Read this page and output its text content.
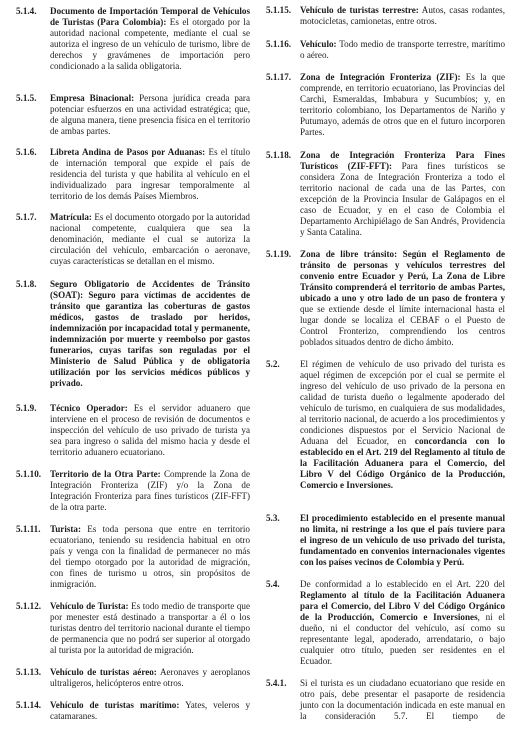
5.1.4. Documento de Importación Temporal de Vehículos de Turistas (Para Colombia): Es el otorgado por la autoridad nacional competente, mediante el cual se autoriza el ingreso de un vehículo de turismo, libre de derechos y gravámenes de importación pero condicionado a la salida obligatoria.

5.1.5. Empresa Binacional: Persona jurídica creada para potenciar esfuerzos en una actividad estratégica; que, de alguna manera, tiene presencia física en el territorio de ambas partes.

5.1.6. Libreta Andina de Pasos por Aduanas: Es el título de internación temporal que expide el país de residencia del turista y que habilita al vehículo en el individualizado para ingresar temporalmente al territorio de los demás Países Miembros.

5.1.7. Matrícula: Es el documento otorgado por la autoridad nacional competente, cualquiera que sea la denominación, mediante el cual se autoriza la circulación del vehículo, embarcación o aeronave, cuyas características se detallan en el mismo.

5.1.8. Seguro Obligatorio de Accidentes de Tránsito (SOAT): Seguro para víctimas de accidentes de tránsito que garantiza las coberturas de gastos médicos, gastos de traslado por heridos, indemnización por incapacidad total y permanente, indemnización por muerte y reembolso por gastos funerarios, cuyas tarifas son reguladas por el Ministerio de Salud Pública y de obligatoria utilización por los servicios médicos públicos y privado.

5.1.9. Técnico Operador: Es el servidor aduanero que interviene en el proceso de revisión de documentos e inspección del vehículo de uso privado de turista ya sea para ingreso o salida del mismo hacia y desde el territorio aduanero ecuatoriano.

5.1.10. Territorio de la Otra Parte: Comprende la Zona de Integración Fronteriza (ZIF) y/o la Zona de Integración Fronteriza para fines turísticos (ZIF-FFT) de la otra parte.

5.1.11. Turista: Es toda persona que entre en territorio ecuatoriano, teniendo su residencia habitual en otro país y venga con la finalidad de permanecer no más del tiempo otorgado por la autoridad de migración, con fines de turismo u otros, sin propósitos de inmigración.

5.1.12. Vehículo de Turista: Es todo medio de transporte que por menester está destinado a transportar a él o los turistas dentro del territorio nacional durante el tiempo de permanencia que no podrá ser superior al otorgado al turista por la autoridad de migración.

5.1.13. Vehículo de turistas aéreo: Aeronaves y aeroplanos ultraligeros, helicópteros entre otros.

5.1.14. Vehículo de turistas marítimo: Yates, veleros y catamaranes.

5.1.15. Vehículo de turistas terrestre: Autos, casas rodantes, motocicletas, camionetas, entre otros.

5.1.16. Vehículo: Todo medio de transporte terrestre, marítimo o aéreo.

5.1.17. Zona de Integración Fronteriza (ZIF): Es la que comprende, en territorio ecuatoriano, las Provincias del Carchi, Esmeraldas, Imbabura y Sucumbíos; y, en territorio colombiano, los Departamentos de Nariño y Putumayo, además de otros que en el futuro incorporen Partes.

5.1.18. Zona de Integración Fronteriza Para Fines Turísticos (ZIF-FFT): Para fines turísticos se considera Zona de Integración Fronteriza a todo el territorio nacional de cada una de las Partes, con excepción de la Provincia Insular de Galápagos en el caso de Ecuador, y en el caso de Colombia el Departamento Archipiélago de San Andrés, Providencia y Santa Catalina.

5.1.19. Zona de libre tránsito: Según el Reglamento de tránsito de personas y vehículos terrestres del convenio entre Ecuador y Perú, La Zona de Libre Tránsito comprenderá el territorio de ambas Partes, ubicado a uno y otro lado de un paso de frontera y que se extiende desde el límite internacional hasta el lugar donde se localiza el CEBAF o el Puesto de Control Fronterizo, comprendiendo los centros poblados situados dentro de dicho ámbito.

5.2. El régimen de vehículo de uso privado del turista es aquel régimen de excepción por el cual se permite el ingreso del vehículo de uso privado de la persona en calidad de turista dueño o legalmente apoderado del vehículo de turismo, en cualquiera de sus modalidades, al territorio nacional, de acuerdo a los procedimientos y condiciones dispuestos por el Servicio Nacional de Aduana del Ecuador, en concordancia con lo establecido en el Art. 219 del Reglamento al título de la Facilitación Aduanera para el Comercio, del Libro V del Código Orgánico de la Producción, Comercio e Inversiones.

5.3. El procedimiento establecido en el presente manual no limita, ni restringe a los que el país tuviere para el ingreso de un vehículo de uso privado del turista, fundamentado en convenios internacionales vigentes con los países vecinos de Colombia y Perú.

5.4. De conformidad a lo establecido en el Art. 220 del Reglamento al título de la Facilitación Aduanera para el Comercio, del Libro V del Código Orgánico de la Producción, Comercio e Inversiones, ni el dueño, ni el conductor del vehículo, así como su representante legal, apoderado, arrendatario, o bajo cualquier otro título, pueden ser residentes en el Ecuador.

5.4.1. Si el turista es un ciudadano ecuatoriano que reside en otro país, debe presentar el pasaporte de residencia junto con la documentación indicada en este manual en la consideración 5.7. El tiempo de
